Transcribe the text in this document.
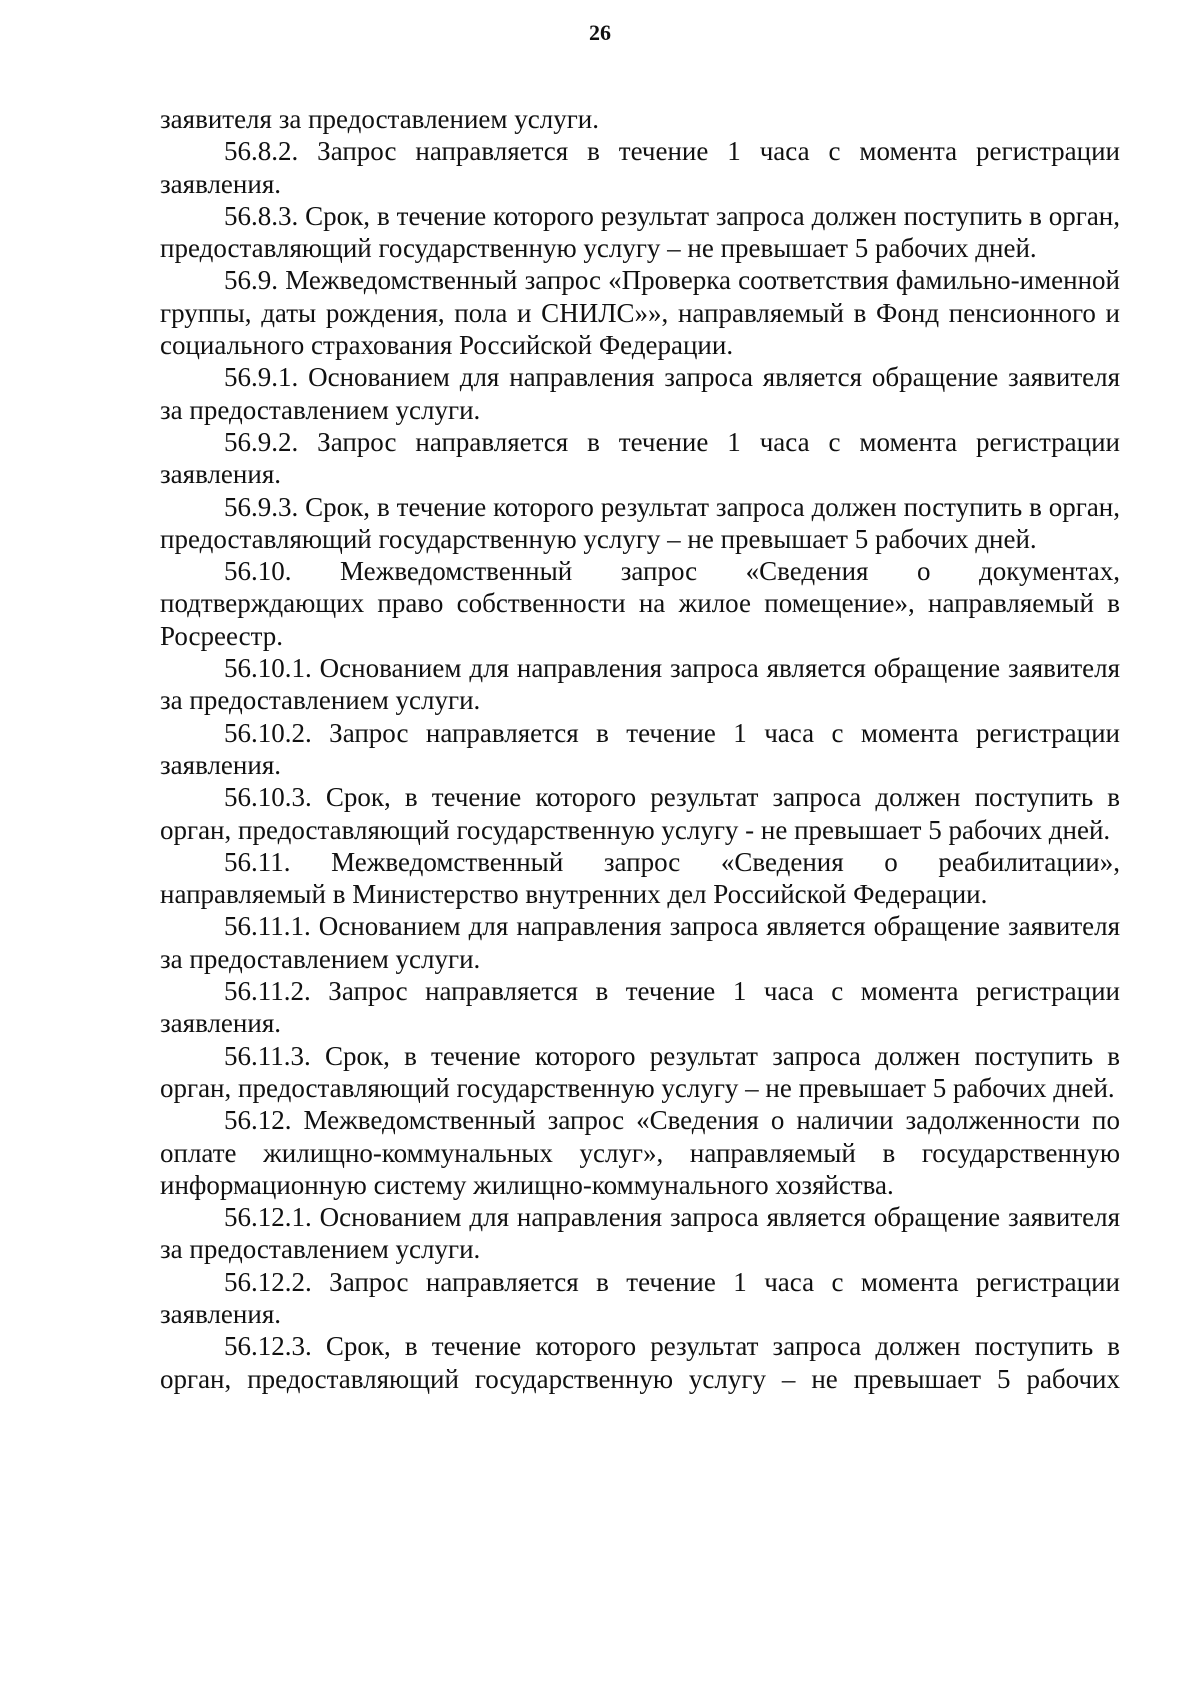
26

заявителя за предоставлением услуги.

56.8.2. Запрос направляется в течение 1 часа с момента регистрации заявления.

56.8.3. Срок, в течение которого результат запроса должен поступить в орган, предоставляющий государственную услугу – не превышает 5 рабочих дней.

56.9. Межведомственный запрос «Проверка соответствия фамильно-именной группы, даты рождения, пола и СНИЛС»», направляемый в Фонд пенсионного и социального страхования Российской Федерации.

56.9.1. Основанием для направления запроса является обращение заявителя за предоставлением услуги.

56.9.2. Запрос направляется в течение 1 часа с момента регистрации заявления.

56.9.3. Срок, в течение которого результат запроса должен поступить в орган, предоставляющий государственную услугу – не превышает 5 рабочих дней.

56.10. Межведомственный запрос «Сведения о документах, подтверждающих право собственности на жилое помещение», направляемый в Росреестр.

56.10.1. Основанием для направления запроса является обращение заявителя за предоставлением услуги.

56.10.2. Запрос направляется в течение 1 часа с момента регистрации заявления.

56.10.3. Срок, в течение которого результат запроса должен поступить в орган, предоставляющий государственную услугу - не превышает 5 рабочих дней.

56.11. Межведомственный запрос «Сведения о реабилитации», направляемый в Министерство внутренних дел Российской Федерации.

56.11.1. Основанием для направления запроса является обращение заявителя за предоставлением услуги.

56.11.2. Запрос направляется в течение 1 часа с момента регистрации заявления.

56.11.3. Срок, в течение которого результат запроса должен поступить в орган, предоставляющий государственную услугу – не превышает 5 рабочих дней.

56.12. Межведомственный запрос «Сведения о наличии задолженности по оплате жилищно-коммунальных услуг», направляемый в государственную информационную систему жилищно-коммунального хозяйства.

56.12.1. Основанием для направления запроса является обращение заявителя за предоставлением услуги.

56.12.2. Запрос направляется в течение 1 часа с момента регистрации заявления.

56.12.3. Срок, в течение которого результат запроса должен поступить в орган, предоставляющий государственную услугу – не превышает 5 рабочих
